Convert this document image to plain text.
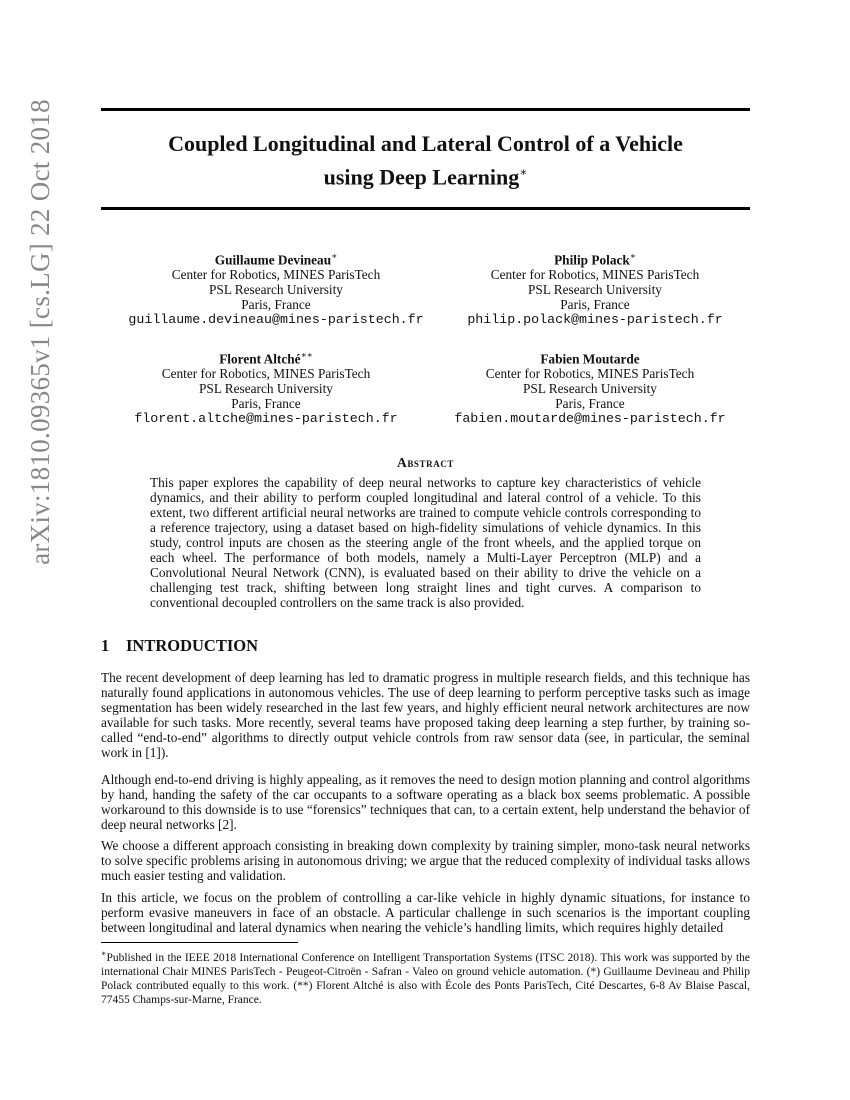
arXiv:1810.09365v1 [cs.LG] 22 Oct 2018	Coupled Longitudinal and Lateral Control of a Vehicle
using Deep Learning∗
Guillaume Devineau∗
Center for Robotics, MINES ParisTech
PSL Research University
Paris, France
guillaume.devineau@mines-paristech.fr
Philip Polack∗
Center for Robotics, MINES ParisTech
PSL Research University
Paris, France
philip.polack@mines-paristech.fr
Florent Altché∗∗
Center for Robotics, MINES ParisTech
PSL Research University
Paris, France
florent.altche@mines-paristech.fr
Fabien Moutarde
Center for Robotics, MINES ParisTech
PSL Research University
Paris, France
fabien.moutarde@mines-paristech.fr
Abstract
This paper explores the capability of deep neural networks to capture key characteristics of vehicle dynamics, and their ability to perform coupled longitudinal and lateral control of a vehicle. To this extent, two different artificial neural networks are trained to compute vehicle controls corresponding to a reference trajectory, using a dataset based on high-fidelity simulations of vehicle dynamics. In this study, control inputs are chosen as the steering angle of the front wheels, and the applied torque on each wheel. The performance of both models, namely a Multi-Layer Perceptron (MLP) and a Convolutional Neural Network (CNN), is evaluated based on their ability to drive the vehicle on a challenging test track, shifting between long straight lines and tight curves. A comparison to conventional decoupled controllers on the same track is also provided.
1 INTRODUCTION
The recent development of deep learning has led to dramatic progress in multiple research fields, and this technique has naturally found applications in autonomous vehicles. The use of deep learning to perform perceptive tasks such as image segmentation has been widely researched in the last few years, and highly efficient neural network architectures are now available for such tasks. More recently, several teams have proposed taking deep learning a step further, by training so-called “end-to-end” algorithms to directly output vehicle controls from raw sensor data (see, in particular, the seminal work in [1]).
Although end-to-end driving is highly appealing, as it removes the need to design motion planning and control algorithms by hand, handing the safety of the car occupants to a software operating as a black box seems problematic. A possible workaround to this downside is to use “forensics” techniques that can, to a certain extent, help understand the behavior of deep neural networks [2].
We choose a different approach consisting in breaking down complexity by training simpler, mono-task neural networks to solve specific problems arising in autonomous driving; we argue that the reduced complexity of individual tasks allows much easier testing and validation.
In this article, we focus on the problem of controlling a car-like vehicle in highly dynamic situations, for instance to perform evasive maneuvers in face of an obstacle. A particular challenge in such scenarios is the important coupling between longitudinal and lateral dynamics when nearing the vehicle’s handling limits, which requires highly detailed
∗Published in the IEEE 2018 International Conference on Intelligent Transportation Systems (ITSC 2018). This work was supported by the international Chair MINES ParisTech - Peugeot-Citroën - Safran - Valeo on ground vehicle automation. (*) Guillaume Devineau and Philip Polack contributed equally to this work. (**) Florent Altché is also with École des Ponts ParisTech, Cité Descartes, 6-8 Av Blaise Pascal, 77455 Champs-sur-Marne, France.
